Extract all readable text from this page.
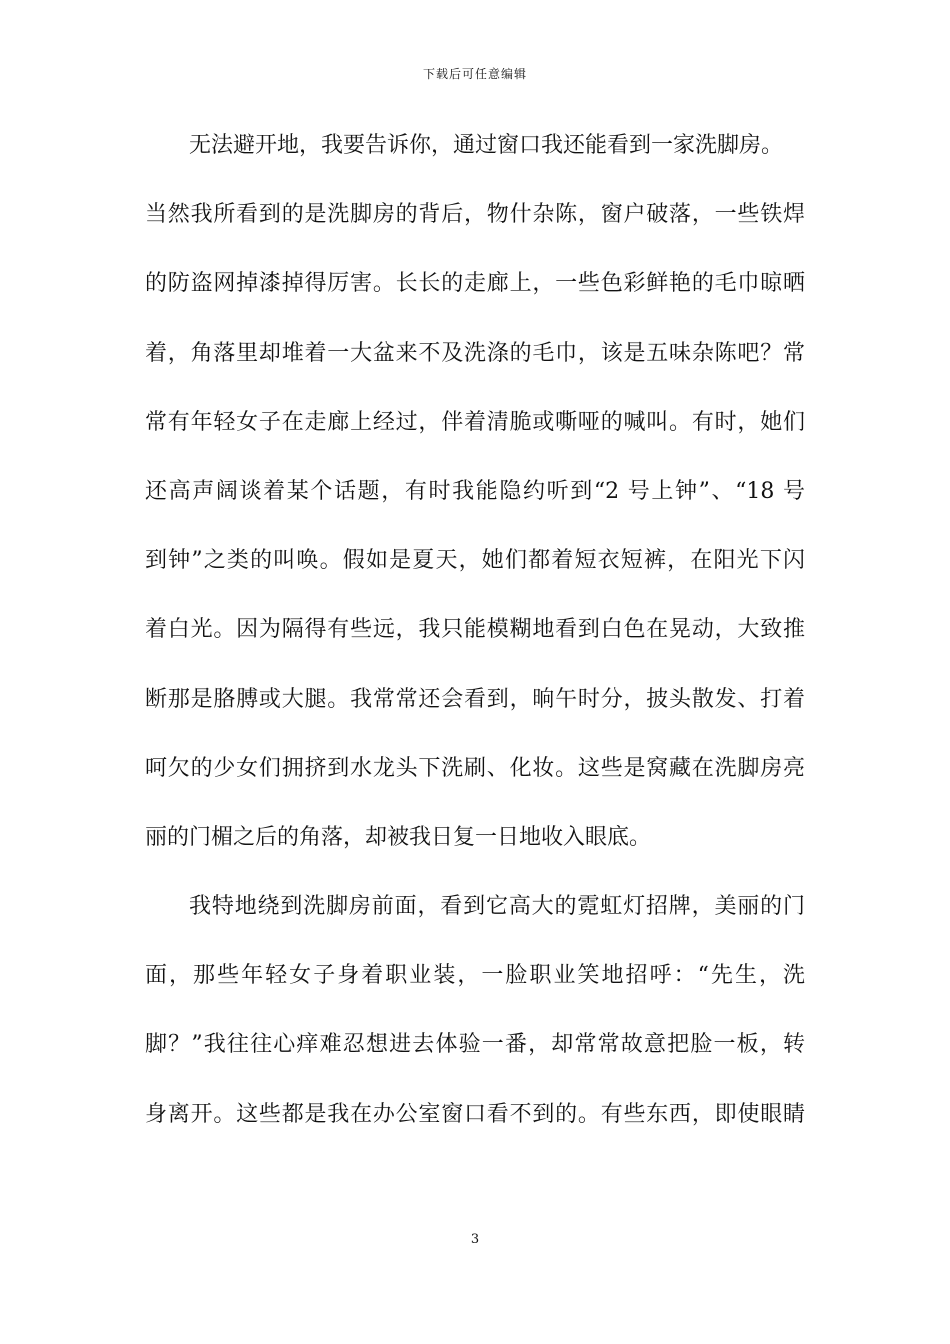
下载后可任意编辑
无法避开地，我要告诉你，通过窗口我还能看到一家洗脚房。
当然我所看到的是洗脚房的背后，物什杂陈，窗户破落，一些铁焊
的防盗网掉漆掉得厉害。长长的走廊上，一些色彩鲜艳的毛巾晾晒
着，角落里却堆着一大盆来不及洗涤的毛巾，该是五味杂陈吧？常
常有年轻女子在走廊上经过，伴着清脆或嘶哑的喊叫。有时，她们
还高声阔谈着某个话题，有时我能隐约听到“2 号上钟”、“18 号
到钟”之类的叫唤。假如是夏天，她们都着短衣短裤，在阳光下闪
着白光。因为隔得有些远，我只能模糊地看到白色在晃动，大致推
断那是胳膊或大腿。我常常还会看到，晌午时分，披头散发、打着
呵欠的少女们拥挤到水龙头下洗刷、化妆。这些是窝藏在洗脚房亮
丽的门楣之后的角落，却被我日复一日地收入眼底。
我特地绕到洗脚房前面，看到它高大的霓虹灯招牌，美丽的门
面，那些年轻女子身着职业装，一脸职业笑地招呼：“先生，洗
脚？”我往往心痒难忍想进去体验一番，却常常故意把脸一板，转
身离开。这些都是我在办公室窗口看不到的。有些东西，即使眼睛
3
